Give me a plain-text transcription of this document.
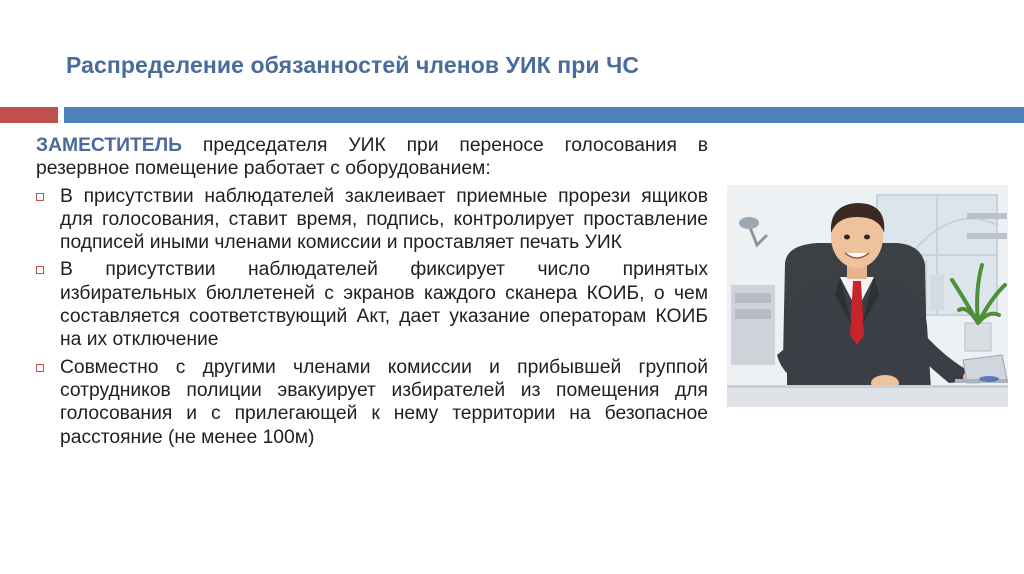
Распределение обязанностей членов УИК при ЧС

ЗАМЕСТИТЕЛЬ председателя УИК при переносе голосования в резервное помещение работает с оборудованием:

В присутствии наблюдателей заклеивает приемные прорези ящиков для голосования, ставит время, подпись, контролирует проставление подписей иными членами комиссии и проставляет печать УИК
В присутствии наблюдателей фиксирует число принятых избирательных бюллетеней с экранов каждого сканера КОИБ, о чем составляется соответствующий Акт, дает указание операторам КОИБ на их отключение
Совместно с другими членами комиссии и прибывшей группой сотрудников полиции эвакуирует избирателей из помещения для голосования и с прилегающей к нему территории на безопасное расстояние (не менее 100м)
